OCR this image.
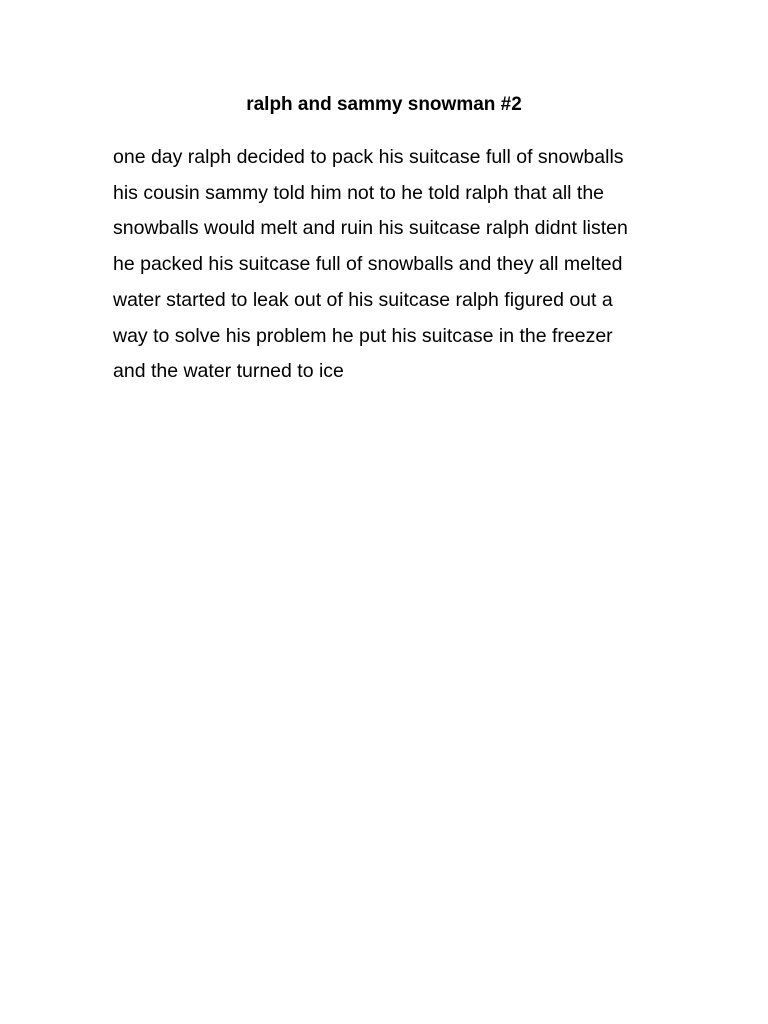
ralph and sammy snowman #2
one day ralph decided to pack his suitcase full of snowballs
his cousin sammy told him not to he told ralph that all the
snowballs would melt and ruin his suitcase ralph didnt listen
he packed his suitcase full of snowballs and they all melted
water started to leak out of his suitcase ralph figured out a
way to solve his problem he put his suitcase in the freezer
and the water turned to ice
